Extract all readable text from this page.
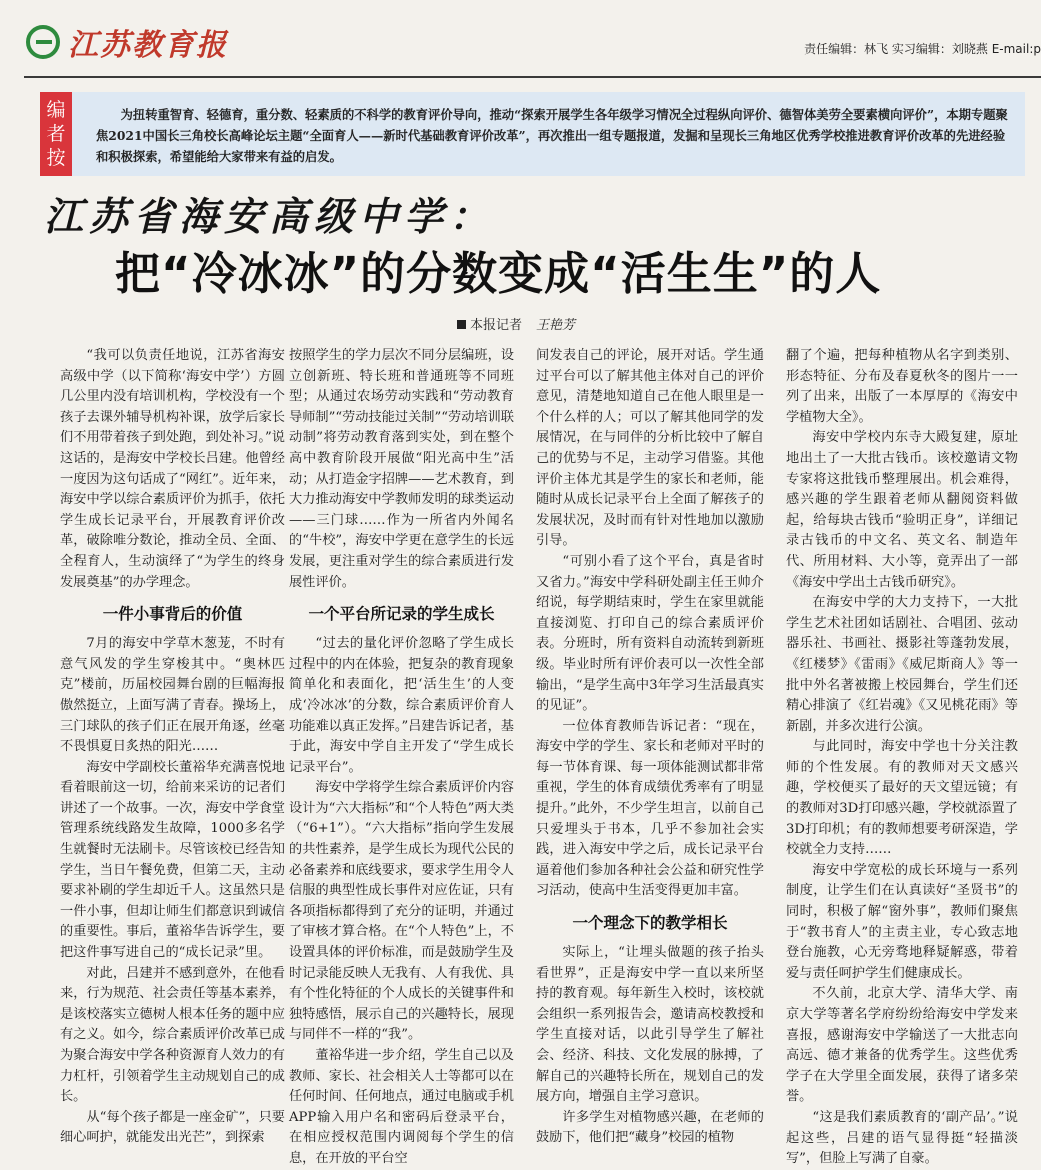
江苏教育报	责任编辑：林飞 实习编辑：刘晓燕 E-mail:p
编
者
按
为扭转重智育、轻德育，重分数、轻素质的不科学的教育评价导向，推动“探索开展学生各年级学习情况全过程纵向评价、德智体美劳全要素横向评价”，本期专题聚焦2021中国长三角校长高峰论坛主题“全面育人——新时代基础教育评价改革”，再次推出一组专题报道，发掘和呈现长三角地区优秀学校推进教育评价改革的先进经验和积极探索，希望能给大家带来有益的启发。
江苏省海安高级中学：
把“冷冰冰”的分数变成“活生生”的人
本报记者 王艳芳

“我可以负责任地说，江苏省海安高级中学（以下简称‘海安中学’）方圆几公里内没有培训机构，学校没有一个孩子去课外辅导机构补课，放学后家长们不用带着孩子到处跑，到处补习。”说这话的，是海安中学校长吕建。他曾经一度因为这句话成了“网红”。近年来，海安中学以综合素质评价为抓手，依托学生成长记录平台，开展教育评价改革，破除唯分数论，推动全员、全面、全程育人，生动演绎了“为学生的终身发展奠基”的办学理念。

一件小事背后的价值

7月的海安中学草木葱茏，不时有意气风发的学生穿梭其中。“奥林匹克”楼前，历届校园舞台剧的巨幅海报傲然挺立，上面写满了青春。操场上，三门球队的孩子们正在展开角逐，丝毫不畏惧夏日炙热的阳光……

海安中学副校长董裕华充满喜悦地看着眼前这一切，给前来采访的记者们讲述了一个故事。一次，海安中学食堂管理系统线路发生故障，1000多名学生就餐时无法刷卡。尽管该校已经告知学生，当日午餐免费，但第二天，主动要求补刷的学生却近千人。这虽然只是一件小事，但却让师生们都意识到诚信的重要性。事后，董裕华告诉学生，要把这件事写进自己的“成长记录”里。

对此，吕建并不感到意外，在他看来，行为规范、社会责任等基本素养，是该校落实立德树人根本任务的题中应有之义。如今，综合素质评价改革已成为聚合海安中学各种资源育人效力的有力杠杆，引领着学生主动规划自己的成长。

从“每个孩子都是一座金矿”，只要细心呵护，就能发出光芒”，到探索

按照学生的学力层次不同分层编班，设立创新班、特长班和普通班等不同班型；从通过农场劳动实践和“劳动教育导师制”“劳动技能过关制”“劳动培训联动制”将劳动教育落到实处，到在整个高中教育阶段开展做“阳光高中生”活动；从打造金字招牌——艺术教育，到大力推动海安中学教师发明的球类运动——三门球……作为一所省内外闻名的“牛校”，海安中学更在意学生的长远发展，更注重对学生的综合素质进行发展性评价。

一个平台所记录的学生成长

“过去的量化评价忽略了学生成长过程中的内在体验，把复杂的教育现象简单化和表面化，把‘活生生’的人变成‘冷冰冰’的分数，综合素质评价育人功能难以真正发挥。”吕建告诉记者，基于此，海安中学自主开发了“学生成长记录平台”。

海安中学将学生综合素质评价内容设计为“六大指标”和“个人特色”两大类（“6+1”）。“六大指标”指向学生发展的共性素养，是学生成长为现代公民的必备素养和底线要求，要求学生用令人信服的典型性成长事件对应佐证，只有各项指标都得到了充分的证明，并通过了审核才算合格。在“个人特色”上，不设置具体的评价标准，而是鼓励学生及时记录能反映人无我有、人有我优、具有个性化特征的个人成长的关键事件和独特感悟，展示自己的兴趣特长，展现与同伴不一样的“我”。

董裕华进一步介绍，学生自己以及教师、家长、社会相关人士等都可以在任何时间、任何地点，通过电脑或手机APP输入用户名和密码后登录平台，在相应授权范围内调阅每个学生的信息，在开放的平台空

间发表自己的评论，展开对话。学生通过平台可以了解其他主体对自己的评价意见，清楚地知道自己在他人眼里是一个什么样的人；可以了解其他同学的发展情况，在与同伴的分析比较中了解自己的优势与不足，主动学习借鉴。其他评价主体尤其是学生的家长和老师，能随时从成长记录平台上全面了解孩子的发展状况，及时而有针对性地加以激励引导。

“可别小看了这个平台，真是省时又省力。”海安中学科研处副主任王帅介绍说，每学期结束时，学生在家里就能直接浏览、打印自己的综合素质评价表。分班时，所有资料自动流转到新班级。毕业时所有评价表可以一次性全部输出，“是学生高中3年学习生活最真实的见证”。

一位体育教师告诉记者：“现在，海安中学的学生、家长和老师对平时的每一节体育课、每一项体能测试都非常重视，学生的体育成绩优秀率有了明显提升。”此外，不少学生坦言，以前自己只爱埋头于书本，几乎不参加社会实践，进入海安中学之后，成长记录平台逼着他们参加各种社会公益和研究性学习活动，使高中生活变得更加丰富。

一个理念下的教学相长

实际上，“让埋头做题的孩子抬头看世界”，正是海安中学一直以来所坚持的教育观。每年新生入校时，该校就会组织一系列报告会，邀请高校教授和学生直接对话，以此引导学生了解社会、经济、科技、文化发展的脉搏，了解自己的兴趣特长所在，规划自己的发展方向，增强自主学习意识。

许多学生对植物感兴趣，在老师的鼓励下，他们把“藏身”校园的植物

翻了个遍，把每种植物从名字到类别、形态特征、分布及春夏秋冬的图片一一列了出来，出版了一本厚厚的《海安中学植物大全》。

海安中学校内东寺大殿复建，原址地出土了一大批古钱币。该校邀请文物专家将这批钱币整理展出。机会难得，感兴趣的学生跟着老师从翻阅资料做起，给每块古钱币“验明正身”，详细记录古钱币的中文名、英文名、制造年代、所用材料、大小等，竟弄出了一部《海安中学出土古钱币研究》。

在海安中学的大力支持下，一大批学生艺术社团如话剧社、合唱团、弦动器乐社、书画社、摄影社等蓬勃发展，《红楼梦》《雷雨》《威尼斯商人》等一批中外名著被搬上校园舞台，学生们还精心排演了《红岩魂》《又见桃花雨》等新剧，并多次进行公演。

与此同时，海安中学也十分关注教师的个性发展。有的教师对天文感兴趣，学校便买了最好的天文望远镜；有的教师对3D打印感兴趣，学校就添置了3D打印机；有的教师想要考研深造，学校就全力支持……

海安中学宽松的成长环境与一系列制度，让学生们在认真读好“圣贤书”的同时，积极了解“窗外事”，教师们聚焦于“教书育人”的主责主业，专心致志地登台施教，心无旁骛地释疑解惑，带着爱与责任呵护学生们健康成长。

不久前，北京大学、清华大学、南京大学等著名学府纷纷给海安中学发来喜报，感谢海安中学输送了一大批志向高远、德才兼备的优秀学生。这些优秀学子在大学里全面发展，获得了诸多荣誉。

“这是我们素质教育的‘副产品’。”说起这些，吕建的语气显得挺“轻描淡写”，但脸上写满了自豪。
